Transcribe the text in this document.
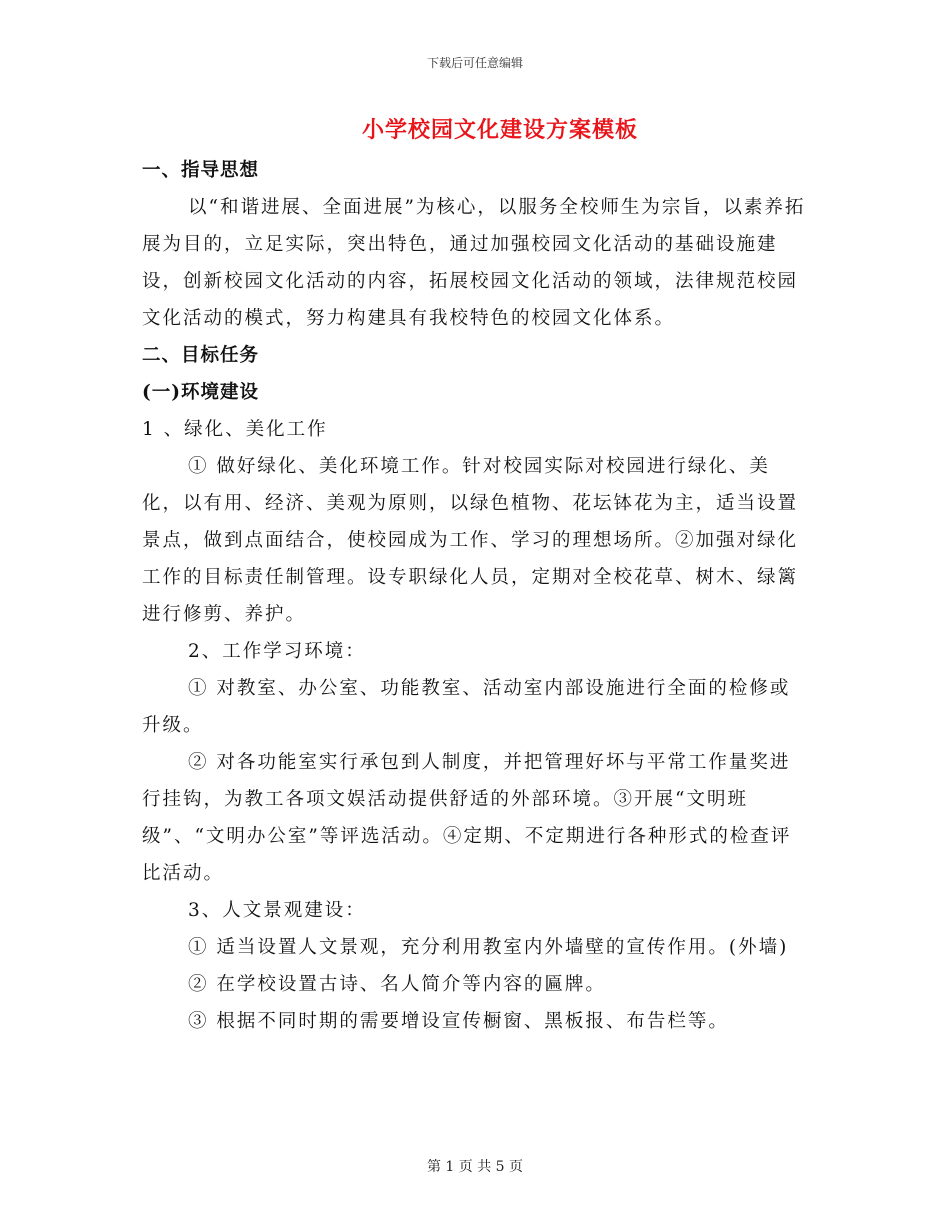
下载后可任意编辑
小学校园文化建设方案模板

一、指导思想

以“和谐进展、全面进展”为核心，以服务全校师生为宗旨，以素养拓展为目的，立足实际，突出特色，通过加强校园文化活动的基础设施建设，创新校园文化活动的内容，拓展校园文化活动的领域，法律规范校园文化活动的模式，努力构建具有我校特色的校园文化体系。

二、目标任务

(一)环境建设

1 、绿化、美化工作

① 做好绿化、美化环境工作。针对校园实际对校园进行绿化、美化，以有用、经济、美观为原则，以绿色植物、花坛钵花为主，适当设置景点，做到点面结合，使校园成为工作、学习的理想场所。②加强对绿化工作的目标责任制管理。设专职绿化人员，定期对全校花草、树木、绿篱进行修剪、养护。

2、工作学习环境：

① 对教室、办公室、功能教室、活动室内部设施进行全面的检修或升级。

② 对各功能室实行承包到人制度，并把管理好坏与平常工作量奖进行挂钩，为教工各项文娱活动提供舒适的外部环境。③开展“文明班级”、“文明办公室”等评选活动。④定期、不定期进行各种形式的检查评比活动。

3、人文景观建设：

① 适当设置人文景观，充分利用教室内外墙壁的宣传作用。(外墙)

② 在学校设置古诗、名人简介等内容的匾牌。

③ 根据不同时期的需要增设宣传橱窗、黑板报、布告栏等。

第 1 页 共 5 页
